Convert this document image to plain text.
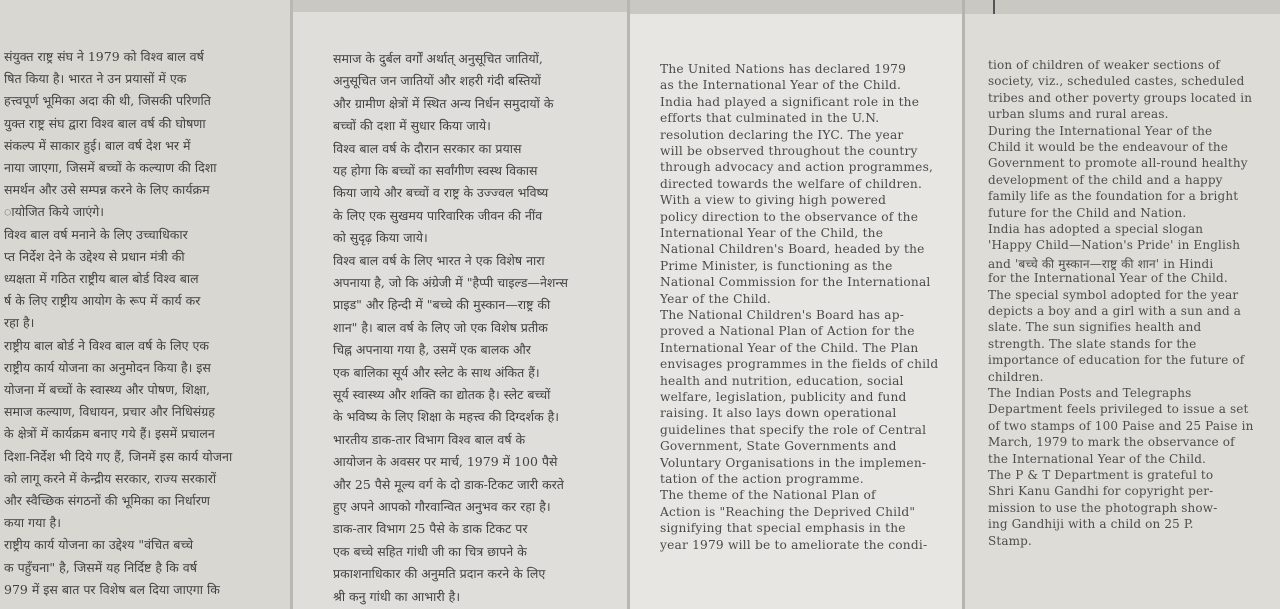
संयुक्त राष्ट्र संघ ने 1979 को विश्व बाल वर्ष
षित किया है। भारत ने उन प्रयासों में एक
हत्त्वपूर्ण भूमिका अदा की थी, जिसकी परिणति
युक्त राष्ट्र संघ द्वारा विश्व बाल वर्ष की घोषणा
संकल्प में साकार हुई। बाल वर्ष देश भर में
नाया जाएगा, जिसमें बच्चों के कल्याण की दिशा
समर्थन और उसे सम्पन्न करने के लिए कार्यक्रम
ायोजित किये जाएंगे।
विश्व बाल वर्ष मनाने के लिए उच्चाधिकार
प्त निर्देश देने के उद्देश्य से प्रधान मंत्री की
ध्यक्षता में गठित राष्ट्रीय बाल बोर्ड विश्व बाल
र्ष के लिए राष्ट्रीय आयोग के रूप में कार्य कर
रहा है।
राष्ट्रीय बाल बोर्ड ने विश्व बाल वर्ष के लिए एक
राष्ट्रीय कार्य योजना का अनुमोदन किया है। इस
योजना में बच्चों के स्वास्थ्य और पोषण, शिक्षा,
समाज कल्याण, विधायन, प्रचार और निधिसंग्रह
के क्षेत्रों में कार्यक्रम बनाए गये हैं। इसमें प्रचालन
दिशा-निर्देश भी दिये गए हैं, जिनमें इस कार्य योजना
को लागू करने में केन्द्रीय सरकार, राज्य सरकारों
और स्वैच्छिक संगठनों की भूमिका का निर्धारण
कया गया है।
राष्ट्रीय कार्य योजना का उद्देश्य "वंचित बच्चे
क पहुँचना" है, जिसमें यह निर्दिष्ट है कि वर्ष
979 में इस बात पर विशेष बल दिया जाएगा कि
समाज के दुर्बल वर्गों अर्थात् अनुसूचित जातियों,
अनुसूचित जन जातियों और शहरी गंदी बस्तियों
और ग्रामीण क्षेत्रों में स्थित अन्य निर्धन समुदायों के
बच्चों की दशा में सुधार किया जाये।
विश्व बाल वर्ष के दौरान सरकार का प्रयास
यह होगा कि बच्चों का सर्वांगीण स्वस्थ विकास
किया जाये और बच्चों व राष्ट्र के उज्ज्वल भविष्य
के लिए एक सुखमय पारिवारिक जीवन की नींव
को सुदृढ़ किया जाये।
विश्व बाल वर्ष के लिए भारत ने एक विशेष नारा
अपनाया है, जो कि अंग्रेजी में "हैप्पी चाइल्ड—नेशन्स
प्राइड" और हिन्दी में "बच्चे की मुस्कान—राष्ट्र की
शान" है। बाल वर्ष के लिए जो एक विशेष प्रतीक
चिह्न अपनाया गया है, उसमें एक बालक और
एक बालिका सूर्य और स्लेट के साथ अंकित हैं।
सूर्य स्वास्थ्य और शक्ति का द्योतक है। स्लेट बच्चों
के भविष्य के लिए शिक्षा के महत्त्व की दिग्दर्शक है।
भारतीय डाक-तार विभाग विश्व बाल वर्ष के
आयोजन के अवसर पर मार्च, 1979 में 100 पैसे
और 25 पैसे मूल्य वर्ग के दो डाक-टिकट जारी करते
हुए अपने आपको गौरवान्वित अनुभव कर रहा है।
डाक-तार विभाग 25 पैसे के डाक टिकट पर
एक बच्चे सहित गांधी जी का चित्र छापने के
प्रकाशनाधिकार की अनुमति प्रदान करने के लिए
श्री कनु गांधी का आभारी है।
The United Nations has declared 1979
as the International Year of the Child.
India had played a significant role in the
efforts that culminated in the U.N.
resolution declaring the IYC. The year
will be observed throughout the country
through advocacy and action programmes,
directed towards the welfare of children.
With a view to giving high powered
policy direction to the observance of the
International Year of the Child, the
National Children's Board, headed by the
Prime Minister, is functioning as the
National Commission for the International
Year of the Child.
The National Children's Board has ap-
proved a National Plan of Action for the
International Year of the Child. The Plan
envisages programmes in the fields of child
health and nutrition, education, social
welfare, legislation, publicity and fund
raising. It also lays down operational
guidelines that specify the role of Central
Government, State Governments and
Voluntary Organisations in the implemen-
tation of the action programme.
The theme of the National Plan of
Action is "Reaching the Deprived Child"
signifying that special emphasis in the
year 1979 will be to ameliorate the condi-
tion of children of weaker sections of
society, viz., scheduled castes, scheduled
tribes and other poverty groups located in
urban slums and rural areas.
During the International Year of the
Child it would be the endeavour of the
Government to promote all-round healthy
development of the child and a happy
family life as the foundation for a bright
future for the Child and Nation.
India has adopted a special slogan
'Happy Child—Nation's Pride' in English
and 'बच्चे की मुस्कान—राष्ट्र की शान' in Hindi
for the International Year of the Child.
The special symbol adopted for the year
depicts a boy and a girl with a sun and a
slate. The sun signifies health and
strength. The slate stands for the
importance of education for the future of
children.
The Indian Posts and Telegraphs
Department feels privileged to issue a set
of two stamps of 100 Paise and 25 Paise in
March, 1979 to mark the observance of
the International Year of the Child.
The P & T Department is grateful to
Shri Kanu Gandhi for copyright per-
mission to use the photograph show-
ing Gandhiji with a child on 25 P.
Stamp.
